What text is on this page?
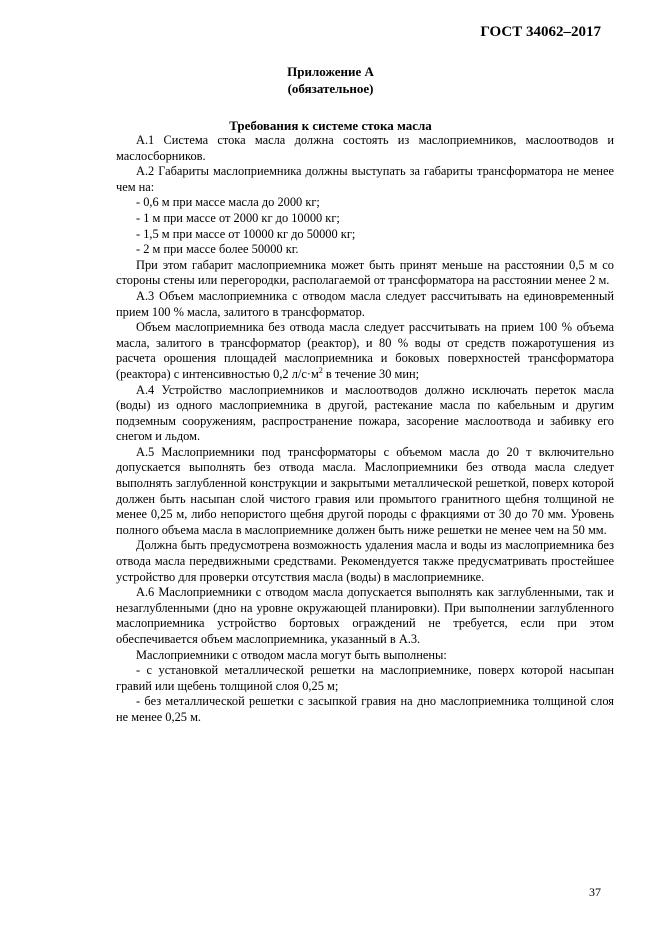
ГОСТ 34062–2017
Приложение А
(обязательное)
Требования к системе стока масла

А.1 Система стока масла должна состоять из маслоприемников, маслоотводов и маслосборников.

А.2 Габариты маслоприемника должны выступать за габариты трансформатора не менее чем на:

- 0,6 м при массе масла до 2000 кг;

- 1 м при массе от 2000 кг до 10000 кг;

- 1,5 м при массе от 10000 кг до 50000 кг;

- 2 м при массе более 50000 кг.

При этом габарит маслоприемника может быть принят меньше на расстоянии 0,5 м со стороны стены или перегородки, располагаемой от трансформатора на расстоянии менее 2 м.

А.3 Объем маслоприемника с отводом масла следует рассчитывать на единовременный прием 100 % масла, залитого в трансформатор.

Объем маслоприемника без отвода масла следует рассчитывать на прием 100 % объема масла, залитого в трансформатор (реактор), и 80 % воды от средств пожаротушения из расчета орошения площадей маслоприемника и боковых поверхностей трансформатора (реактора) с интенсивностью 0,2 $л/с\cdot м^2$ в течение 30 мин;

А.4 Устройство маслоприемников и маслоотводов должно исключать переток масла (воды) из одного маслоприемника в другой, растекание масла по кабельным и другим подземным сооружениям, распространение пожара, засорение маслоотвода и забивку его снегом и льдом.

А.5 Маслоприемники под трансформаторы с объемом масла до 20 т включительно допускается выполнять без отвода масла. Маслоприемники без отвода масла следует выполнять заглубленной конструкции и закрытыми металлической решеткой, поверх которой должен быть насыпан слой чистого гравия или промытого гранитного щебня толщиной не менее 0,25 м, либо непористого щебня другой породы с фракциями от 30 до 70 мм. Уровень полного объема масла в маслоприемнике должен быть ниже решетки не менее чем на 50 мм.

Должна быть предусмотрена возможность удаления масла и воды из маслоприемника без отвода масла передвижными средствами. Рекомендуется также предусматривать простейшее устройство для проверки отсутствия масла (воды) в маслоприемнике.

А.6 Маслоприемники с отводом масла допускается выполнять как заглубленными, так и незаглубленными (дно на уровне окружающей планировки). При выполнении заглубленного маслоприемника устройство бортовых ограждений не требуется, если при этом обеспечивается объем маслоприемника, указанный в А.3.

Маслоприемники с отводом масла могут быть выполнены:

- с установкой металлической решетки на маслоприемнике, поверх которой насыпан гравий или щебень толщиной слоя 0,25 м;

- без металлической решетки с засыпкой гравия на дно маслоприемника толщиной слоя не менее 0,25 м.

37
